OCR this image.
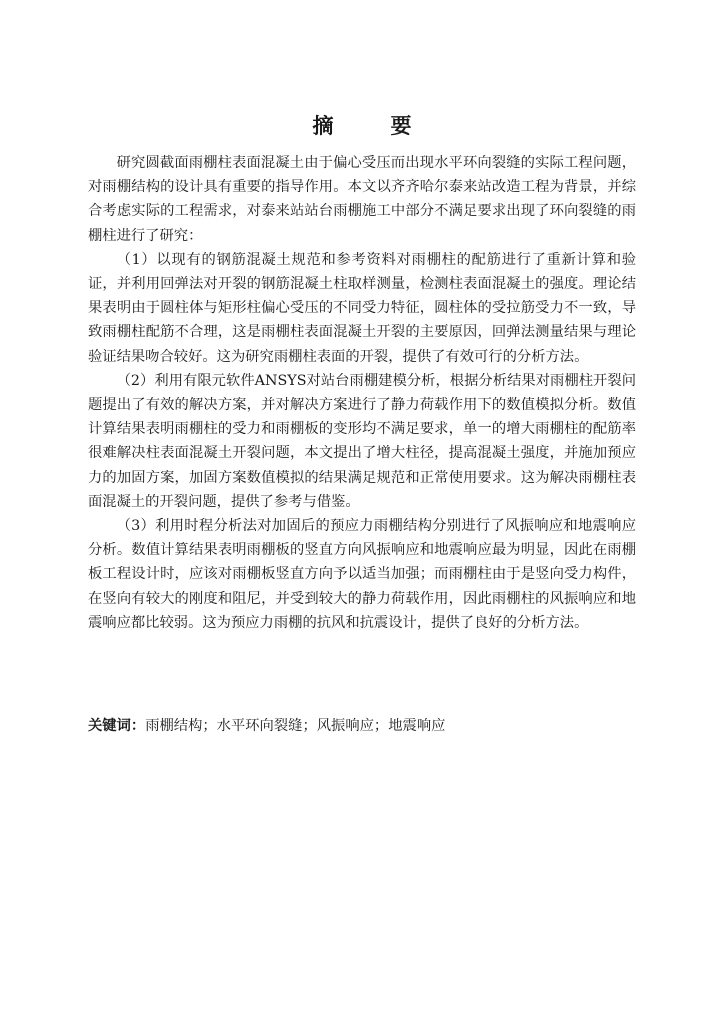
摘　要

研究圆截面雨棚柱表面混凝土由于偏心受压而出现水平环向裂缝的实际工程问题，对雨棚结构的设计具有重要的指导作用。本文以齐齐哈尔泰来站改造工程为背景，并综合考虑实际的工程需求，对泰来站站台雨棚施工中部分不满足要求出现了环向裂缝的雨棚柱进行了研究：

（1）以现有的钢筋混凝土规范和参考资料对雨棚柱的配筋进行了重新计算和验证，并利用回弹法对开裂的钢筋混凝土柱取样测量，检测柱表面混凝土的强度。理论结果表明由于圆柱体与矩形柱偏心受压的不同受力特征，圆柱体的受拉筋受力不一致，导致雨棚柱配筋不合理，这是雨棚柱表面混凝土开裂的主要原因，回弹法测量结果与理论验证结果吻合较好。这为研究雨棚柱表面的开裂，提供了有效可行的分析方法。

（2）利用有限元软件ANSYS对站台雨棚建模分析，根据分析结果对雨棚柱开裂问题提出了有效的解决方案，并对解决方案进行了静力荷载作用下的数值模拟分析。数值计算结果表明雨棚柱的受力和雨棚板的变形均不满足要求，单一的增大雨棚柱的配筋率很难解决柱表面混凝土开裂问题，本文提出了增大柱径，提高混凝土强度，并施加预应力的加固方案，加固方案数值模拟的结果满足规范和正常使用要求。这为解决雨棚柱表面混凝土的开裂问题，提供了参考与借鉴。

（3）利用时程分析法对加固后的预应力雨棚结构分别进行了风振响应和地震响应分析。数值计算结果表明雨棚板的竖直方向风振响应和地震响应最为明显，因此在雨棚板工程设计时，应该对雨棚板竖直方向予以适当加强；而雨棚柱由于是竖向受力构件，在竖向有较大的刚度和阻尼，并受到较大的静力荷载作用，因此雨棚柱的风振响应和地震响应都比较弱。这为预应力雨棚的抗风和抗震设计，提供了良好的分析方法。

关键词：雨棚结构；水平环向裂缝；风振响应；地震响应
